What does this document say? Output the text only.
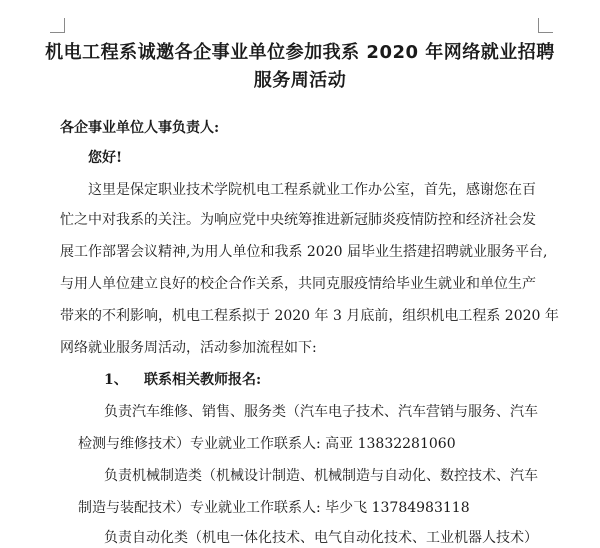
机电工程系诚邀各企事业单位参加我系 2020 年网络就业招聘
服务周活动
各企事业单位人事负责人:
您好!
这里是保定职业技术学院机电工程系就业工作办公室，首先，感谢您在百
忙之中对我系的关注。为响应党中央统筹推进新冠肺炎疫情防控和经济社会发
展工作部署会议精神,为用人单位和我系 2020 届毕业生搭建招聘就业服务平台,
与用人单位建立良好的校企合作关系，共同克服疫情给毕业生就业和单位生产
带来的不利影响，机电工程系拟于 2020 年 3 月底前，组织机电工程系 2020 年
网络就业服务周活动，活动参加流程如下:
1、 联系相关教师报名:
负责汽车维修、销售、服务类（汽车电子技术、汽车营销与服务、汽车
检测与维修技术）专业就业工作联系人: 高亚 13832281060
负责机械制造类（机械设计制造、机械制造与自动化、数控技术、汽车
制造与装配技术）专业就业工作联系人: 毕少飞 13784983118
负责自动化类（机电一体化技术、电气自动化技术、工业机器人技术）
